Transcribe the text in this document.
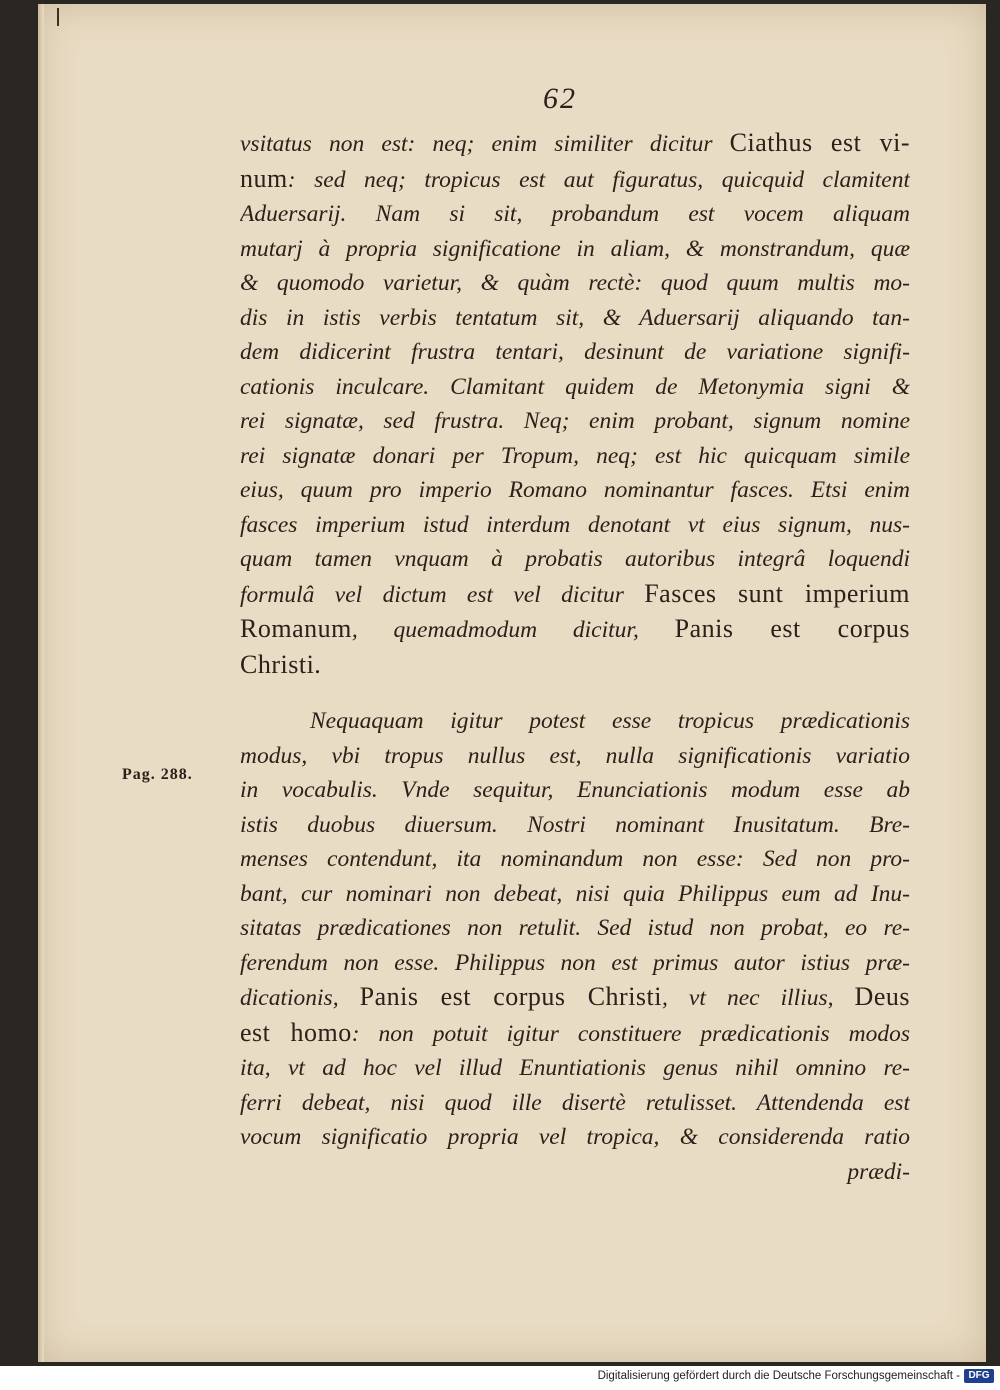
62
vsitatus non est: neq; enim similiter dicitur Ciathus est vi-
num: sed neq; tropicus est aut figuratus, quicquid clamitent
Aduersarij. Nam si sit, probandum est vocem aliquam
mutarj à propria significatione in aliam, & monstrandum, quæ
& quomodo varietur, & quàm rectè: quod quum multis mo-
dis in istis verbis tentatum sit, & Aduersarij aliquando tan-
dem didicerint frustra tentari, desinunt de variatione signifi-
cationis inculcare. Clamitant quidem de Metonymia signi &
rei signatæ, sed frustra. Neq; enim probant, signum nomine
rei signatæ donari per Tropum, neq; est hic quicquam simile
eius, quum pro imperio Romano nominantur fasces. Etsi enim
fasces imperium istud interdum denotant vt eius signum, nus-
quam tamen vnquam à probatis autoribus integrâ loquendi
formulâ vel dictum est vel dicitur Fasces sunt imperium
Romanum, quemadmodum dicitur, Panis est corpus
Christi.
Pag. 288.
Nequaquam igitur potest esse tropicus prædicationis
modus, vbi tropus nullus est, nulla significationis variatio
in vocabulis. Vnde sequitur, Enunciationis modum esse ab
istis duobus diuersum. Nostri nominant Inusitatum. Bre-
menses contendunt, ita nominandum non esse: Sed non pro-
bant, cur nominari non debeat, nisi quia Philippus eum ad Inu-
sitatas prædicationes non retulit. Sed istud non probat, eo re-
ferendum non esse. Philippus non est primus autor istius præ-
dicationis, Panis est corpus Christi, vt nec illius, Deus
est homo: non potuit igitur constituere prædicationis modos
ita, vt ad hoc vel illud Enuntiationis genus nihil omnino re-
ferri debeat, nisi quod ille disertè retulisset. Attendenda est
vocum significatio propria vel tropica, & considerenda ratio
prædi-
Digitalisierung gefördert durch die Deutsche Forschungsgemeinschaft - DFG
